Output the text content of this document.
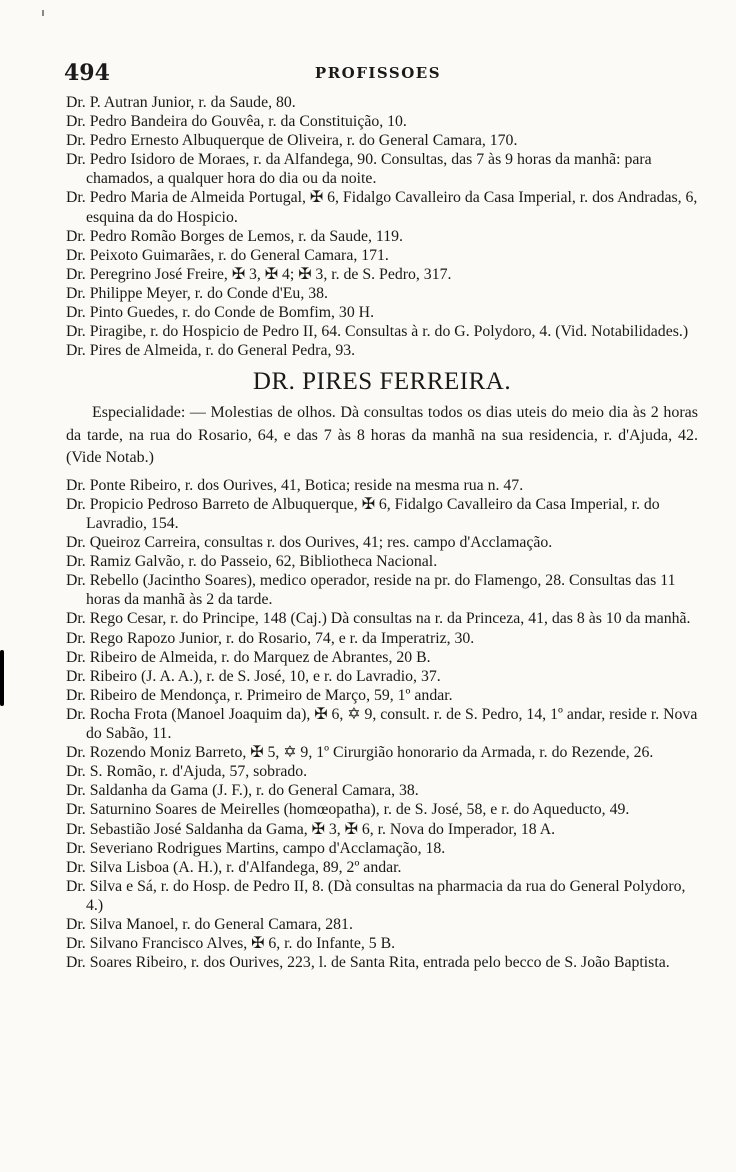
494	PROFISSOES

Dr. P. Autran Junior, r. da Saude, 80.

Dr. Pedro Bandeira do Gouvêa, r. da Constituição, 10.

Dr. Pedro Ernesto Albuquerque de Oliveira, r. do General Camara, 170.

Dr. Pedro Isidoro de Moraes, r. da Alfandega, 90. Consultas, das 7 às 9 horas da manhã: para chamados, a qualquer hora do dia ou da noite.

Dr. Pedro Maria de Almeida Portugal, ✠ 6, Fidalgo Cavalleiro da Casa Imperial, r. dos Andradas, 6, esquina da do Hospicio.

Dr. Pedro Romão Borges de Lemos, r. da Saude, 119.

Dr. Peixoto Guimarães, r. do General Camara, 171.

Dr. Peregrino José Freire, ✠ 3, ✠ 4; ✠ 3, r. de S. Pedro, 317.

Dr. Philippe Meyer, r. do Conde d'Eu, 38.

Dr. Pinto Guedes, r. do Conde de Bomfim, 30 H.

Dr. Piragibe, r. do Hospicio de Pedro II, 64. Consultas à r. do G. Polydoro, 4. (Vid. Notabilidades.)

Dr. Pires de Almeida, r. do General Pedra, 93.

DR. PIRES FERREIRA.

Especialidade: — Molestias de olhos. Dà consultas todos os dias uteis do meio dia às 2 horas da tarde, na rua do Rosario, 64, e das 7 às 8 horas da manhã na sua residencia, r. d'Ajuda, 42. (Vide Notab.)

Dr. Ponte Ribeiro, r. dos Ourives, 41, Botica; reside na mesma rua n. 47.

Dr. Propicio Pedroso Barreto de Albuquerque, ✠ 6, Fidalgo Cavalleiro da Casa Imperial, r. do Lavradio, 154.

Dr. Queiroz Carreira, consultas r. dos Ourives, 41; res. campo d'Acclamação.

Dr. Ramiz Galvão, r. do Passeio, 62, Bibliotheca Nacional.

Dr. Rebello (Jacintho Soares), medico operador, reside na pr. do Flamengo, 28. Consultas das 11 horas da manhã às 2 da tarde.

Dr. Rego Cesar, r. do Principe, 148 (Caj.) Dà consultas na r. da Princeza, 41, das 8 às 10 da manhã.

Dr. Rego Rapozo Junior, r. do Rosario, 74, e r. da Imperatriz, 30.

Dr. Ribeiro de Almeida, r. do Marquez de Abrantes, 20 B.

Dr. Ribeiro (J. A. A.), r. de S. José, 10, e r. do Lavradio, 37.

Dr. Ribeiro de Mendonça, r. Primeiro de Março, 59, 1º andar.

Dr. Rocha Frota (Manoel Joaquim da), ✠ 6, ✡ 9, consult. r. de S. Pedro, 14, 1º andar, reside r. Nova do Sabão, 11.

Dr. Rozendo Moniz Barreto, ✠ 5, ✡ 9, 1º Cirurgião honorario da Armada, r. do Rezende, 26.

Dr. S. Romão, r. d'Ajuda, 57, sobrado.

Dr. Saldanha da Gama (J. F.), r. do General Camara, 38.

Dr. Saturnino Soares de Meirelles (homœopatha), r. de S. José, 58, e r. do Aqueducto, 49.

Dr. Sebastião José Saldanha da Gama, ✠ 3, ✠ 6, r. Nova do Imperador, 18 A.

Dr. Severiano Rodrigues Martins, campo d'Acclamação, 18.

Dr. Silva Lisboa (A. H.), r. d'Alfandega, 89, 2º andar.

Dr. Silva e Sá, r. do Hosp. de Pedro II, 8. (Dà consultas na pharmacia da rua do General Polydoro, 4.)

Dr. Silva Manoel, r. do General Camara, 281.

Dr. Silvano Francisco Alves, ✠ 6, r. do Infante, 5 B.

Dr. Soares Ribeiro, r. dos Ourives, 223, l. de Santa Rita, entrada pelo becco de S. João Baptista.
